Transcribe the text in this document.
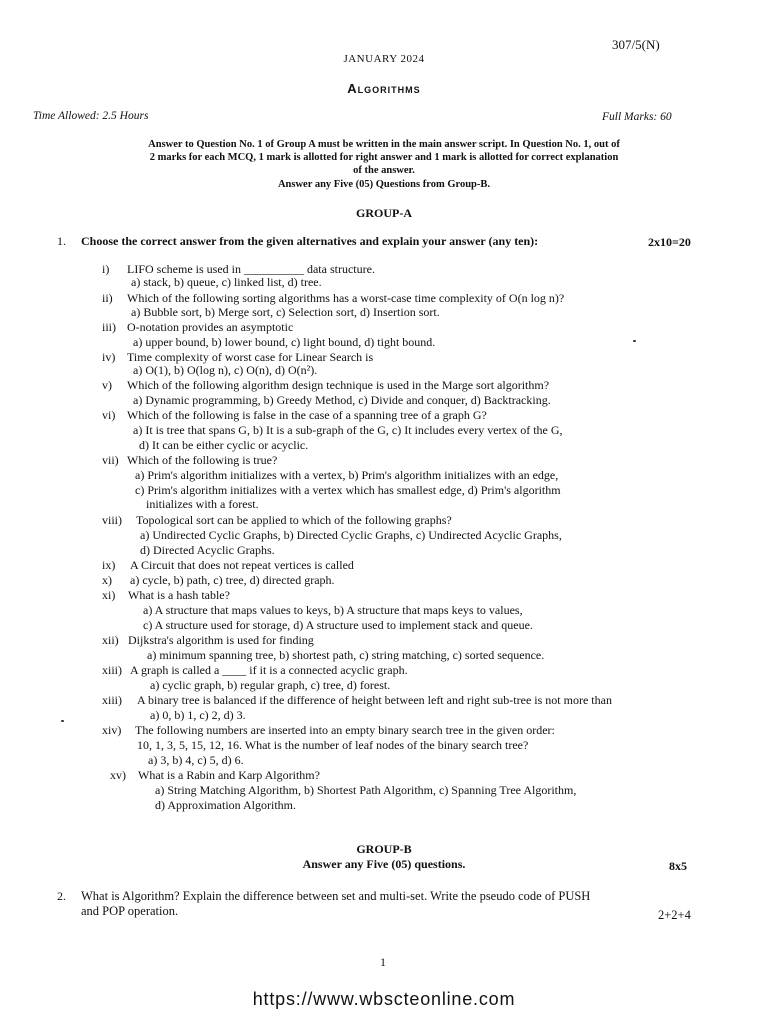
307/5(N)
JANUARY 2024
Algorithms
Time Allowed: 2.5 Hours	Full Marks: 60
Answer to Question No. 1 of Group A must be written in the main answer script. In Question No. 1, out of
2 marks for each MCQ, 1 mark is allotted for right answer and 1 mark is allotted for correct explanation
of the answer.
Answer any Five (05) Questions from Group-B.
GROUP-A
1. Choose the correct answer from the given alternatives and explain your answer (any ten):	2x10=20
i) LIFO scheme is used in __________ data structure.
a) stack, b) queue, c) linked list, d) tree.
ii) Which of the following sorting algorithms has a worst-case time complexity of O(n log n)?
a) Bubble sort, b) Merge sort, c) Selection sort, d) Insertion sort.
iii) O-notation provides an asymptotic
a) upper bound, b) lower bound, c) light bound, d) tight bound.
iv) Time complexity of worst case for Linear Search is
a) O(1), b) O(log n), c) O(n), d) O(n²).
v) Which of the following algorithm design technique is used in the Marge sort algorithm?
a) Dynamic programming, b) Greedy Method, c) Divide and conquer, d) Backtracking.
vi) Which of the following is false in the case of a spanning tree of a graph G?
a) It is tree that spans G, b) It is a sub-graph of the G, c) It includes every vertex of the G,
d) It can be either cyclic or acyclic.
vii) Which of the following is true?
a) Prim's algorithm initializes with a vertex, b) Prim's algorithm initializes with an edge,
c) Prim's algorithm initializes with a vertex which has smallest edge, d) Prim's algorithm
initializes with a forest.
viii) Topological sort can be applied to which of the following graphs?
a) Undirected Cyclic Graphs, b) Directed Cyclic Graphs, c) Undirected Acyclic Graphs,
d) Directed Acyclic Graphs.
ix) A Circuit that does not repeat vertices is called
x) a) cycle, b) path, c) tree, d) directed graph.
xi) What is a hash table?
a) A structure that maps values to keys, b) A structure that maps keys to values,
c) A structure used for storage, d) A structure used to implement stack and queue.
xii) Dijkstra's algorithm is used for finding
a) minimum spanning tree, b) shortest path, c) string matching, c) sorted sequence.
xiii) A graph is called a ____ if it is a connected acyclic graph.
a) cyclic graph, b) regular graph, c) tree, d) forest.
xiii) A binary tree is balanced if the difference of height between left and right sub-tree is not more than
a) 0, b) 1, c) 2, d) 3.
xiv) The following numbers are inserted into an empty binary search tree in the given order:
10, 1, 3, 5, 15, 12, 16. What is the number of leaf nodes of the binary search tree?
a) 3, b) 4, c) 5, d) 6.
xv) What is a Rabin and Karp Algorithm?
a) String Matching Algorithm, b) Shortest Path Algorithm, c) Spanning Tree Algorithm,
d) Approximation Algorithm.
GROUP-B
Answer any Five (05) questions.	8x5
2. What is Algorithm? Explain the difference between set and multi-set. Write the pseudo code of PUSH
and POP operation.	2+2+4
1
https://www.wbscteonline.com
